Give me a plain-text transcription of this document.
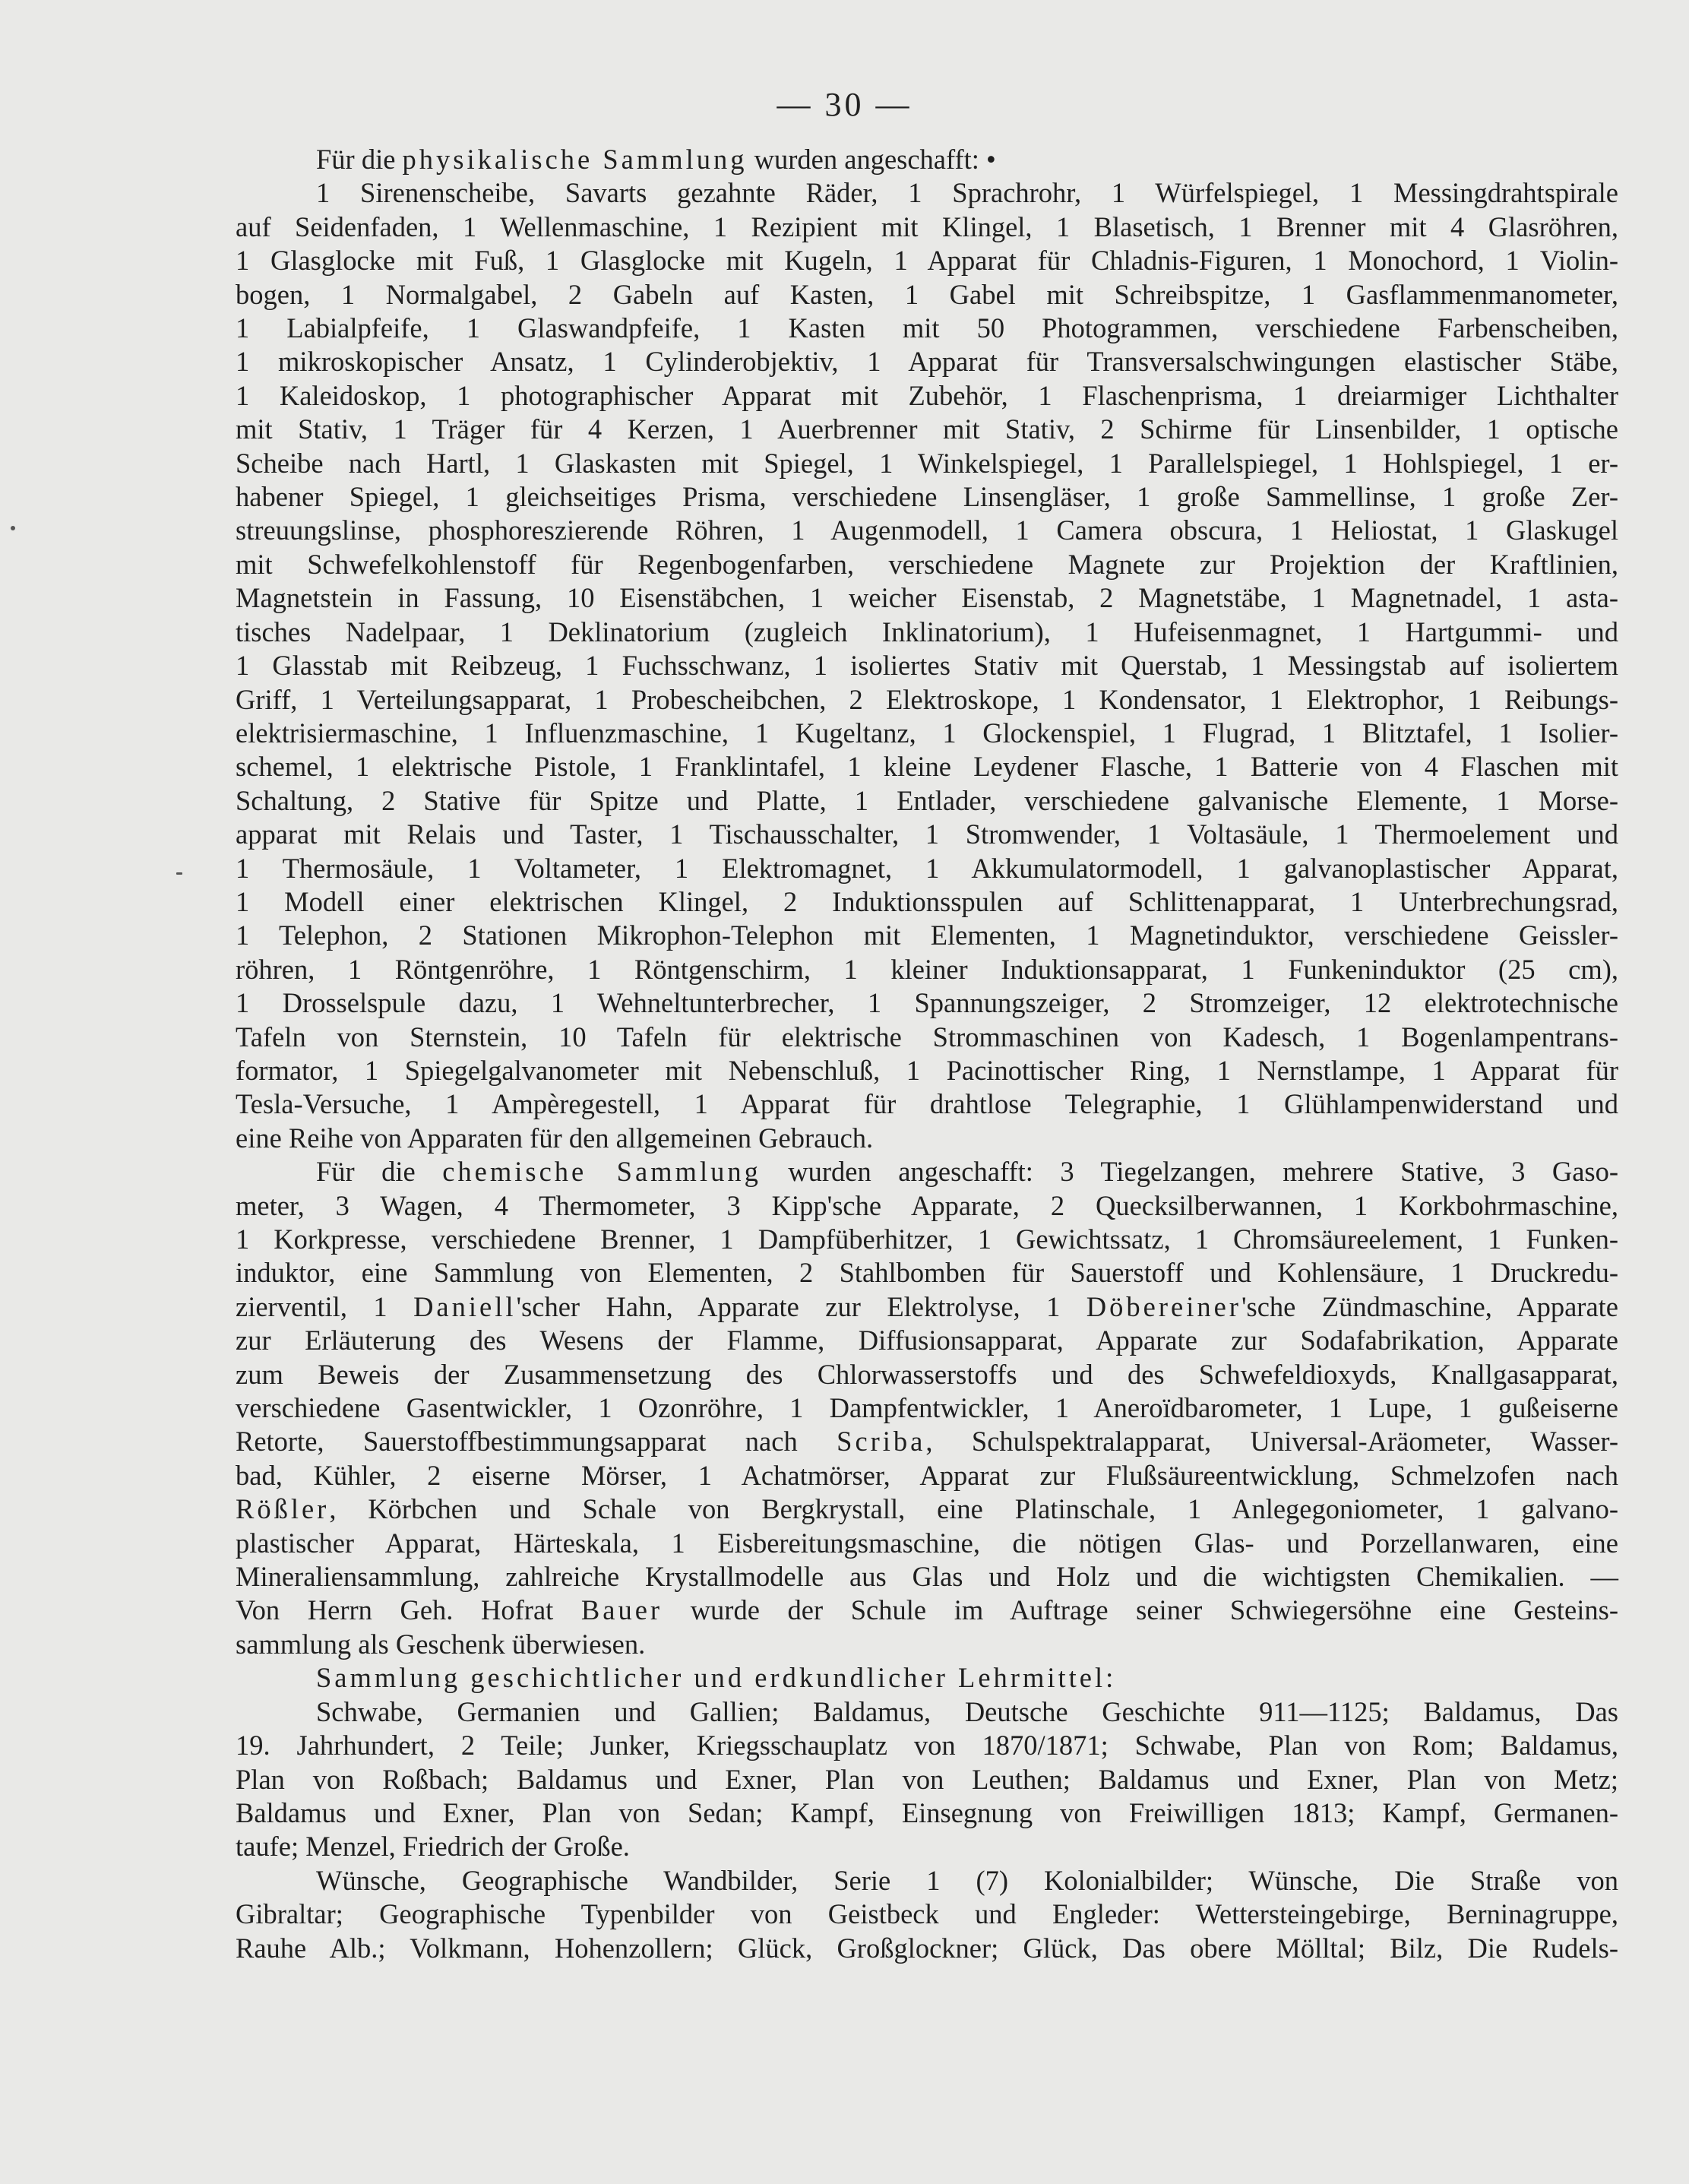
— 30 —
Für die physikalische Sammlung wurden angeschafft: •
1 Sirenenscheibe, Savarts gezahnte Räder, 1 Sprachrohr, 1 Würfelspiegel, 1 Messingdrahtspirale
auf Seidenfaden, 1 Wellenmaschine, 1 Rezipient mit Klingel, 1 Blasetisch, 1 Brenner mit 4 Glasröhren,
1 Glasglocke mit Fuß, 1 Glasglocke mit Kugeln, 1 Apparat für Chladnis-Figuren, 1 Monochord, 1 Violin-
bogen, 1 Normalgabel, 2 Gabeln auf Kasten, 1 Gabel mit Schreibspitze, 1 Gasflammenmanometer,
1 Labialpfeife, 1 Glaswandpfeife, 1 Kasten mit 50 Photogrammen, verschiedene Farbenscheiben,
1 mikroskopischer Ansatz, 1 Cylinderobjektiv, 1 Apparat für Transversalschwingungen elastischer Stäbe,
1 Kaleidoskop, 1 photographischer Apparat mit Zubehör, 1 Flaschenprisma, 1 dreiarmiger Lichthalter
mit Stativ, 1 Träger für 4 Kerzen, 1 Auerbrenner mit Stativ, 2 Schirme für Linsenbilder, 1 optische
Scheibe nach Hartl, 1 Glaskasten mit Spiegel, 1 Winkelspiegel, 1 Parallelspiegel, 1 Hohlspiegel, 1 er-
habener Spiegel, 1 gleichseitiges Prisma, verschiedene Linsengläser, 1 große Sammellinse, 1 große Zer-
streuungslinse, phosphoreszierende Röhren, 1 Augenmodell, 1 Camera obscura, 1 Heliostat, 1 Glaskugel
mit Schwefelkohlenstoff für Regenbogenfarben, verschiedene Magnete zur Projektion der Kraftlinien,
Magnetstein in Fassung, 10 Eisenstäbchen, 1 weicher Eisenstab, 2 Magnetstäbe, 1 Magnetnadel, 1 asta-
tisches Nadelpaar, 1 Deklinatorium (zugleich Inklinatorium), 1 Hufeisenmagnet, 1 Hartgummi- und
1 Glasstab mit Reibzeug, 1 Fuchsschwanz, 1 isoliertes Stativ mit Querstab, 1 Messingstab auf isoliertem
Griff, 1 Verteilungsapparat, 1 Probescheibchen, 2 Elektroskope, 1 Kondensator, 1 Elektrophor, 1 Reibungs-
elektrisiermaschine, 1 Influenzmaschine, 1 Kugeltanz, 1 Glockenspiel, 1 Flugrad, 1 Blitztafel, 1 Isolier-
schemel, 1 elektrische Pistole, 1 Franklintafel, 1 kleine Leydener Flasche, 1 Batterie von 4 Flaschen mit
Schaltung, 2 Stative für Spitze und Platte, 1 Entlader, verschiedene galvanische Elemente, 1 Morse-
apparat mit Relais und Taster, 1 Tischausschalter, 1 Stromwender, 1 Voltasäule, 1 Thermoelement und
1 Thermosäule, 1 Voltameter, 1 Elektromagnet, 1 Akkumulatormodell, 1 galvanoplastischer Apparat,
1 Modell einer elektrischen Klingel, 2 Induktionsspulen auf Schlittenapparat, 1 Unterbrechungsrad,
1 Telephon, 2 Stationen Mikrophon-Telephon mit Elementen, 1 Magnetinduktor, verschiedene Geissler-
röhren, 1 Röntgenröhre, 1 Röntgenschirm, 1 kleiner Induktionsapparat, 1 Funkeninduktor (25 cm),
1 Drosselspule dazu, 1 Wehneltunterbrecher, 1 Spannungszeiger, 2 Stromzeiger, 12 elektrotechnische
Tafeln von Sternstein, 10 Tafeln für elektrische Strommaschinen von Kadesch, 1 Bogenlampentrans-
formator, 1 Spiegelgalvanometer mit Nebenschluß, 1 Pacinottischer Ring, 1 Nernstlampe, 1 Apparat für
Tesla-Versuche, 1 Ampèregestell, 1 Apparat für drahtlose Telegraphie, 1 Glühlampenwiderstand und
eine Reihe von Apparaten für den allgemeinen Gebrauch.
Für die chemische Sammlung wurden angeschafft: 3 Tiegelzangen, mehrere Stative, 3 Gaso-
meter, 3 Wagen, 4 Thermometer, 3 Kipp'sche Apparate, 2 Quecksilberwannen, 1 Korkbohrmaschine,
1 Korkpresse, verschiedene Brenner, 1 Dampfüberhitzer, 1 Gewichtssatz, 1 Chromsäureelement, 1 Funken-
induktor, eine Sammlung von Elementen, 2 Stahlbomben für Sauerstoff und Kohlensäure, 1 Druckredu-
zierventil, 1 Daniell'scher Hahn, Apparate zur Elektrolyse, 1 Döbereiner'sche Zündmaschine, Apparate
zur Erläuterung des Wesens der Flamme, Diffusionsapparat, Apparate zur Sodafabrikation, Apparate
zum Beweis der Zusammensetzung des Chlorwasserstoffs und des Schwefeldioxyds, Knallgasapparat,
verschiedene Gasentwickler, 1 Ozonröhre, 1 Dampfentwickler, 1 Aneroïdbarometer, 1 Lupe, 1 gußeiserne
Retorte, Sauerstoffbestimmungsapparat nach Scriba, Schulspektralapparat, Universal-Aräometer, Wasser-
bad, Kühler, 2 eiserne Mörser, 1 Achatmörser, Apparat zur Flußsäureentwicklung, Schmelzofen nach
Rößler, Körbchen und Schale von Bergkrystall, eine Platinschale, 1 Anlegegoniometer, 1 galvano-
plastischer Apparat, Härteskala, 1 Eisbereitungsmaschine, die nötigen Glas- und Porzellanwaren, eine
Mineraliensammlung, zahlreiche Krystallmodelle aus Glas und Holz und die wichtigsten Chemikalien. —
Von Herrn Geh. Hofrat Bauer wurde der Schule im Auftrage seiner Schwiegersöhne eine Gesteins-
sammlung als Geschenk überwiesen.
Sammlung geschichtlicher und erdkundlicher Lehrmittel:
Schwabe, Germanien und Gallien; Baldamus, Deutsche Geschichte 911—1125; Baldamus, Das
19. Jahrhundert, 2 Teile; Junker, Kriegsschauplatz von 1870/1871; Schwabe, Plan von Rom; Baldamus,
Plan von Roßbach; Baldamus und Exner, Plan von Leuthen; Baldamus und Exner, Plan von Metz;
Baldamus und Exner, Plan von Sedan; Kampf, Einsegnung von Freiwilligen 1813; Kampf, Germanen-
taufe; Menzel, Friedrich der Große.
Wünsche, Geographische Wandbilder, Serie 1 (7) Kolonialbilder; Wünsche, Die Straße von
Gibraltar; Geographische Typenbilder von Geistbeck und Engleder: Wettersteingebirge, Berninagruppe,
Rauhe Alb.; Volkmann, Hohenzollern; Glück, Großglockner; Glück, Das obere Mölltal; Bilz, Die Rudels-
